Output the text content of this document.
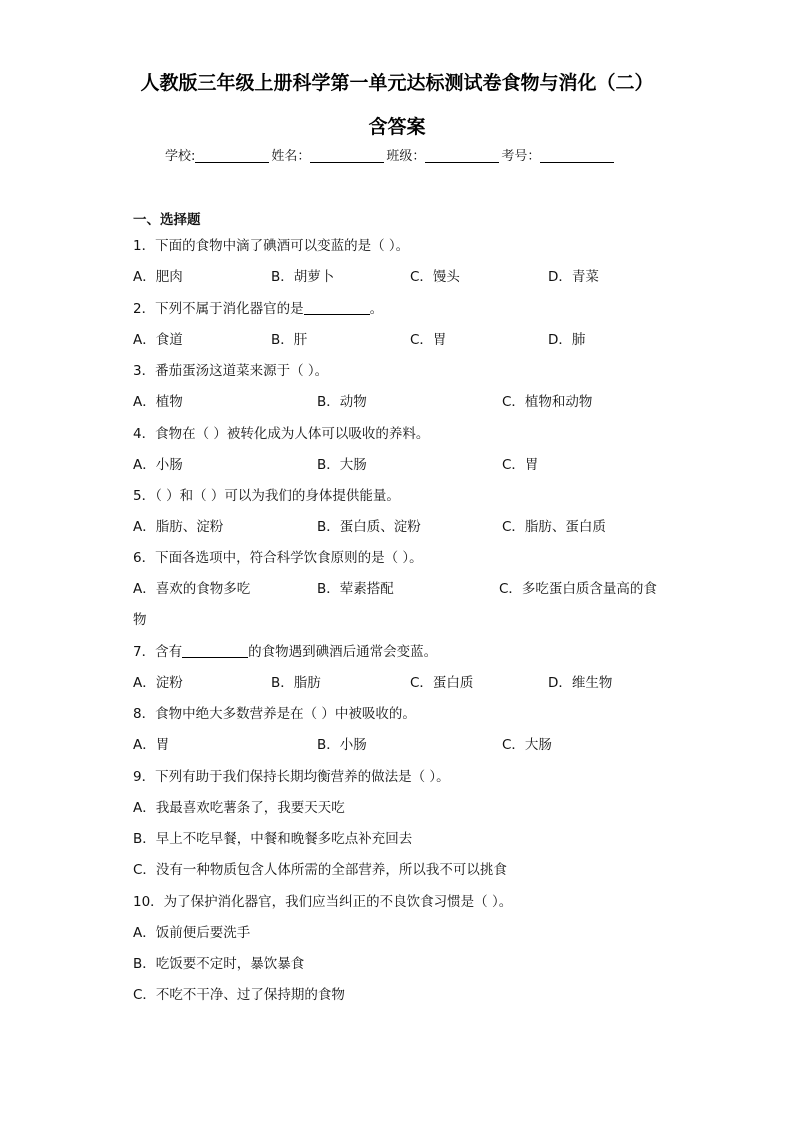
人教版三年级上册科学第一单元达标测试卷食物与消化（二）
含答案
学校:	姓名：	班级：	考号：
一、选择题
1．下面的食物中滴了碘酒可以变蓝的是（ ）。
A．肥肉	B．胡萝卜	C．馒头	D．青菜
2．下列不属于消化器官的是	。
A．食道	B．肝	C．胃	D．肺
3．番茄蛋汤这道菜来源于（ ）。
A．植物	B．动物	C．植物和动物
4．食物在（ ）被转化成为人体可以吸收的养料。
A．小肠	B．大肠	C．胃
5．（ ）和（ ）可以为我们的身体提供能量。
A．脂肪、淀粉	B．蛋白质、淀粉	C．脂肪、蛋白质
6．下面各选项中，符合科学饮食原则的是（ ）。
A．喜欢的食物多吃	B．荤素搭配	C．多吃蛋白质含量高的食
物
7．含有	的食物遇到碘酒后通常会变蓝。
A．淀粉	B．脂肪	C．蛋白质	D．维生物
8．食物中绝大多数营养是在（ ）中被吸收的。
A．胃	B．小肠	C．大肠
9．下列有助于我们保持长期均衡营养的做法是（ ）。
A．我最喜欢吃薯条了，我要天天吃
B．早上不吃早餐，中餐和晚餐多吃点补充回去
C．没有一种物质包含人体所需的全部营养，所以我不可以挑食
10．为了保护消化器官，我们应当纠正的不良饮食习惯是（ ）。
A．饭前便后要洗手
B．吃饭要不定时，暴饮暴食
C．不吃不干净、过了保持期的食物
